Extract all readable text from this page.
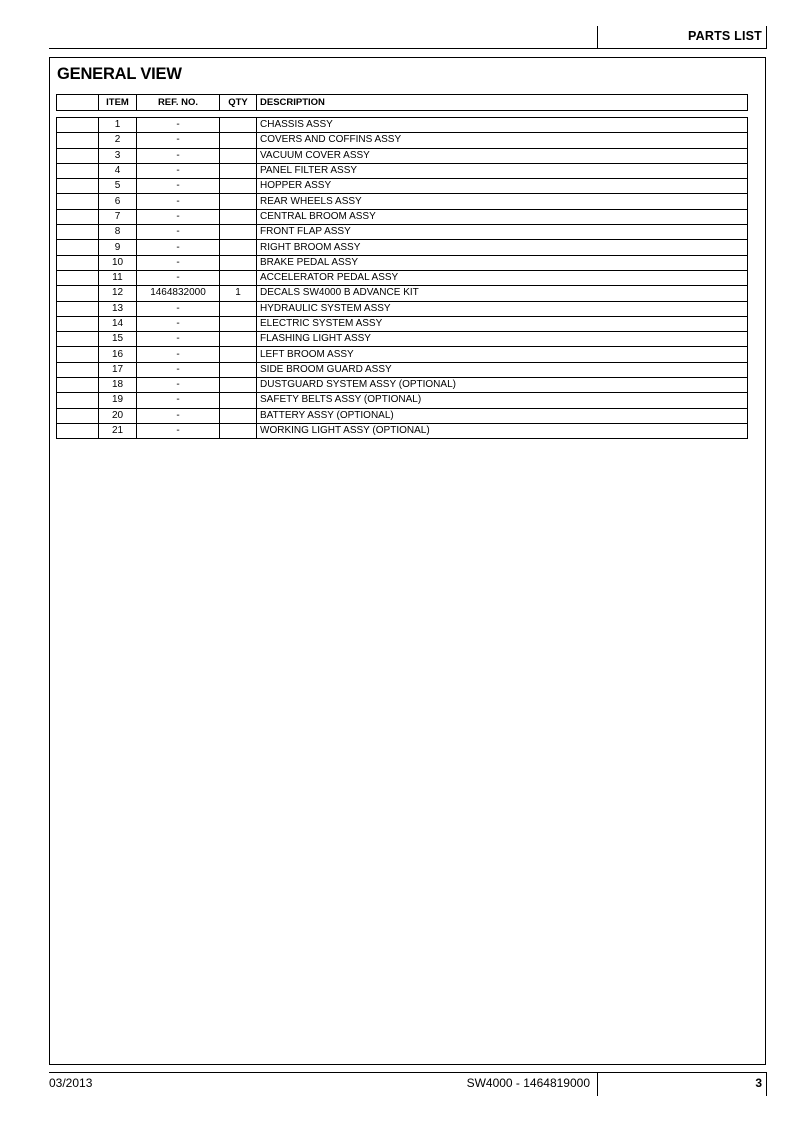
PARTS LIST
GENERAL VIEW
	ITEM	REF. NO.	QTY	DESCRIPTION
	1	-		CHASSIS ASSY
	2	-		COVERS AND COFFINS ASSY
	3	-		VACUUM COVER ASSY
	4	-		PANEL FILTER ASSY
	5	-		HOPPER ASSY
	6	-		REAR WHEELS ASSY
	7	-		CENTRAL BROOM ASSY
	8	-		FRONT FLAP ASSY
	9	-		RIGHT BROOM ASSY
	10	-		BRAKE PEDAL ASSY
	11	-		ACCELERATOR PEDAL ASSY
	12	1464832000	1	DECALS SW4000 B ADVANCE KIT
	13	-		HYDRAULIC SYSTEM ASSY
	14	-		ELECTRIC SYSTEM ASSY
	15	-		FLASHING LIGHT ASSY
	16	-		LEFT BROOM ASSY
	17	-		SIDE BROOM GUARD ASSY
	18	-		DUSTGUARD SYSTEM ASSY (OPTIONAL)
	19	-		SAFETY BELTS ASSY (OPTIONAL)
	20	-		BATTERY ASSY (OPTIONAL)
	21	-		WORKING LIGHT ASSY (OPTIONAL)
03/2013	SW4000 - 1464819000	3
